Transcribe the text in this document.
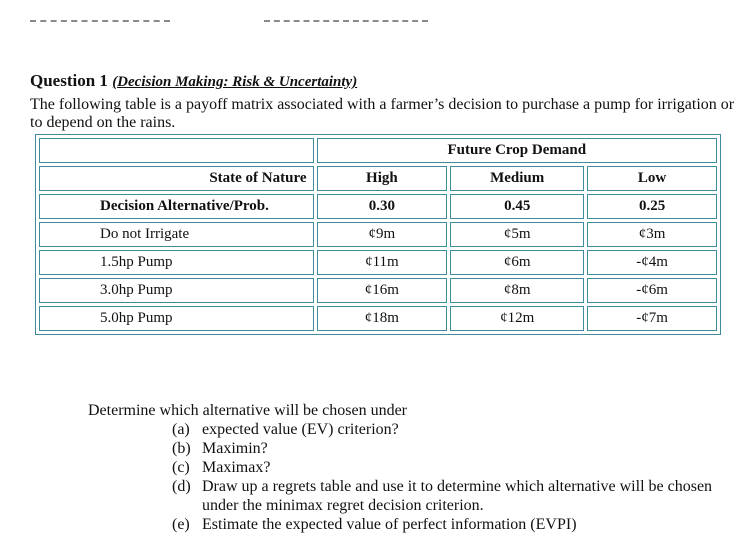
Question 1 (Decision Making: Risk & Uncertainty)
The following table is a payoff matrix associated with a farmer’s decision to purchase a pump for irrigation or to depend on the rains.
	Future Crop Demand		
State of Nature	High	Medium	Low
Decision Alternative/Prob.	0.30	0.45	0.25
Do not Irrigate	¢9m	¢5m	¢3m
1.5hp Pump	¢11m	¢6m	-¢4m
3.0hp Pump	¢16m	¢8m	-¢6m
5.0hp Pump	¢18m	¢12m	-¢7m
Determine which alternative will be chosen under
(a) expected value (EV) criterion?
(b) Maximin?
(c) Maximax?
(d) Draw up a regrets table and use it to determine which alternative will be chosen under the minimax regret decision criterion.
(e) Estimate the expected value of perfect information (EVPI)
